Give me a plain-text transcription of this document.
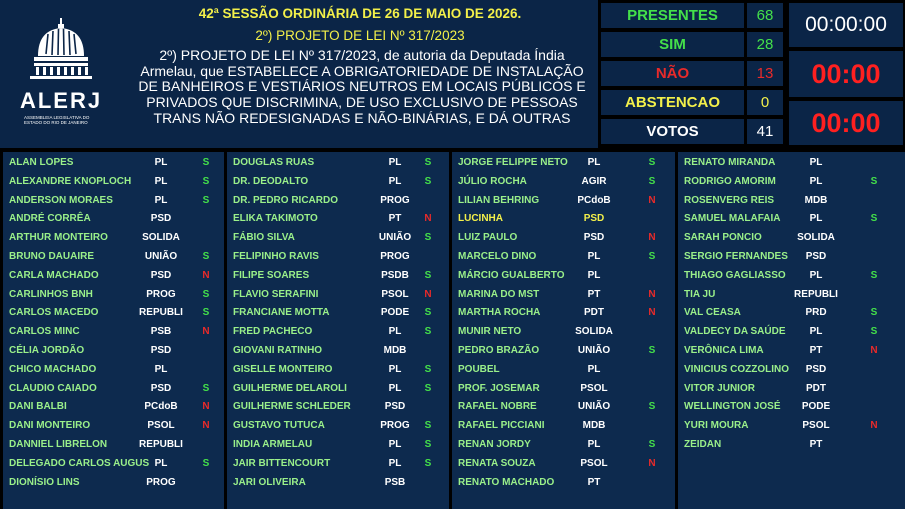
ALERJ
ASSEMBLEIA LEGISLATIVA DO ESTADO DO RIO DE JANEIRO
42ª SESSÃO ORDINÁRIA DE 26 DE MAIO DE 2026.
2º) PROJETO DE LEI Nº 317/2023
2º) PROJETO DE LEI Nº 317/2023, de autoria da Deputada Índia Armelau, que ESTABELECE A OBRIGATORIEDADE DE INSTALAÇÃO DE BANHEIROS E VESTIÁRIOS NEUTROS EM LOCAIS PÚBLICOS E PRIVADOS QUE DISCRIMINA, DE USO EXCLUSIVO DE PESSOAS TRANS NÃO REDESIGNADAS E NÃO-BINÁRIAS, E DÁ OUTRAS
PRESENTES	68
SIM	28
NÃO	13
ABSTENCAO	0
VOTOS	41
00:00:00
00:00
00:00
ALAN LOPES	PL	S
ALEXANDRE KNOPLOCH	PL	S
ANDERSON MORAES	PL	S
ANDRÉ CORRÊA	PSD
ARTHUR MONTEIRO	SOLIDA
BRUNO DAUAIRE	UNIÃO	S
CARLA MACHADO	PSD	N
CARLINHOS BNH	PROG	S
CARLOS MACEDO	REPUBLI	S
CARLOS MINC	PSB	N
CÉLIA JORDÃO	PSD
CHICO MACHADO	PL
CLAUDIO CAIADO	PSD	S
DANI BALBI	PCdoB	N
DANI MONTEIRO	PSOL	N
DANNIEL LIBRELON	REPUBLI
DELEGADO CARLOS AUGUS PL	S
DIONÍSIO LINS	PROG
DOUGLAS RUAS	PL	S
DR. DEODALTO	PL	S
DR. PEDRO RICARDO	PROG
ELIKA TAKIMOTO	PT	N
FÁBIO SILVA	UNIÃO	S
FELIPINHO RAVIS	PROG
FILIPE SOARES	PSDB	S
FLAVIO SERAFINI	PSOL	N
FRANCIANE MOTTA	PODE	S
FRED PACHECO	PL	S
GIOVANI RATINHO	MDB
GISELLE MONTEIRO	PL	S
GUILHERME DELAROLI	PL	S
GUILHERME SCHLEDER	PSD
GUSTAVO TUTUCA	PROG	S
INDIA ARMELAU	PL	S
JAIR BITTENCOURT	PL	S
JARI OLIVEIRA	PSB
JORGE FELIPPE NETO	PL	S
JÚLIO ROCHA	AGIR	S
LILIAN BEHRING	PCdoB	N
LUCINHA	PSD
LUIZ PAULO	PSD	N
MARCELO DINO	PL	S
MÁRCIO GUALBERTO	PL
MARINA DO MST	PT	N
MARTHA ROCHA	PDT	N
MUNIR NETO	SOLIDA
PEDRO BRAZÃO	UNIÃO	S
POUBEL	PL
PROF. JOSEMAR	PSOL
RAFAEL NOBRE	UNIÃO	S
RAFAEL PICCIANI	MDB
RENAN JORDY	PL	S
RENATA SOUZA	PSOL	N
RENATO MACHADO	PT
RENATO MIRANDA	PL
RODRIGO AMORIM	PL	S
ROSENVERG REIS	MDB
SAMUEL MALAFAIA	PL	S
SARAH PONCIO	SOLIDA
SERGIO FERNANDES	PSD
THIAGO GAGLIASSO	PL	S
TIA JU	REPUBLI
VAL CEASA	PRD	S
VALDECY DA SAÚDE	PL	S
VERÔNICA LIMA	PT	N
VINICIUS COZZOLINO	PSD
VITOR JUNIOR	PDT
WELLINGTON JOSÉ	PODE
YURI MOURA	PSOL	N
ZEIDAN	PT
